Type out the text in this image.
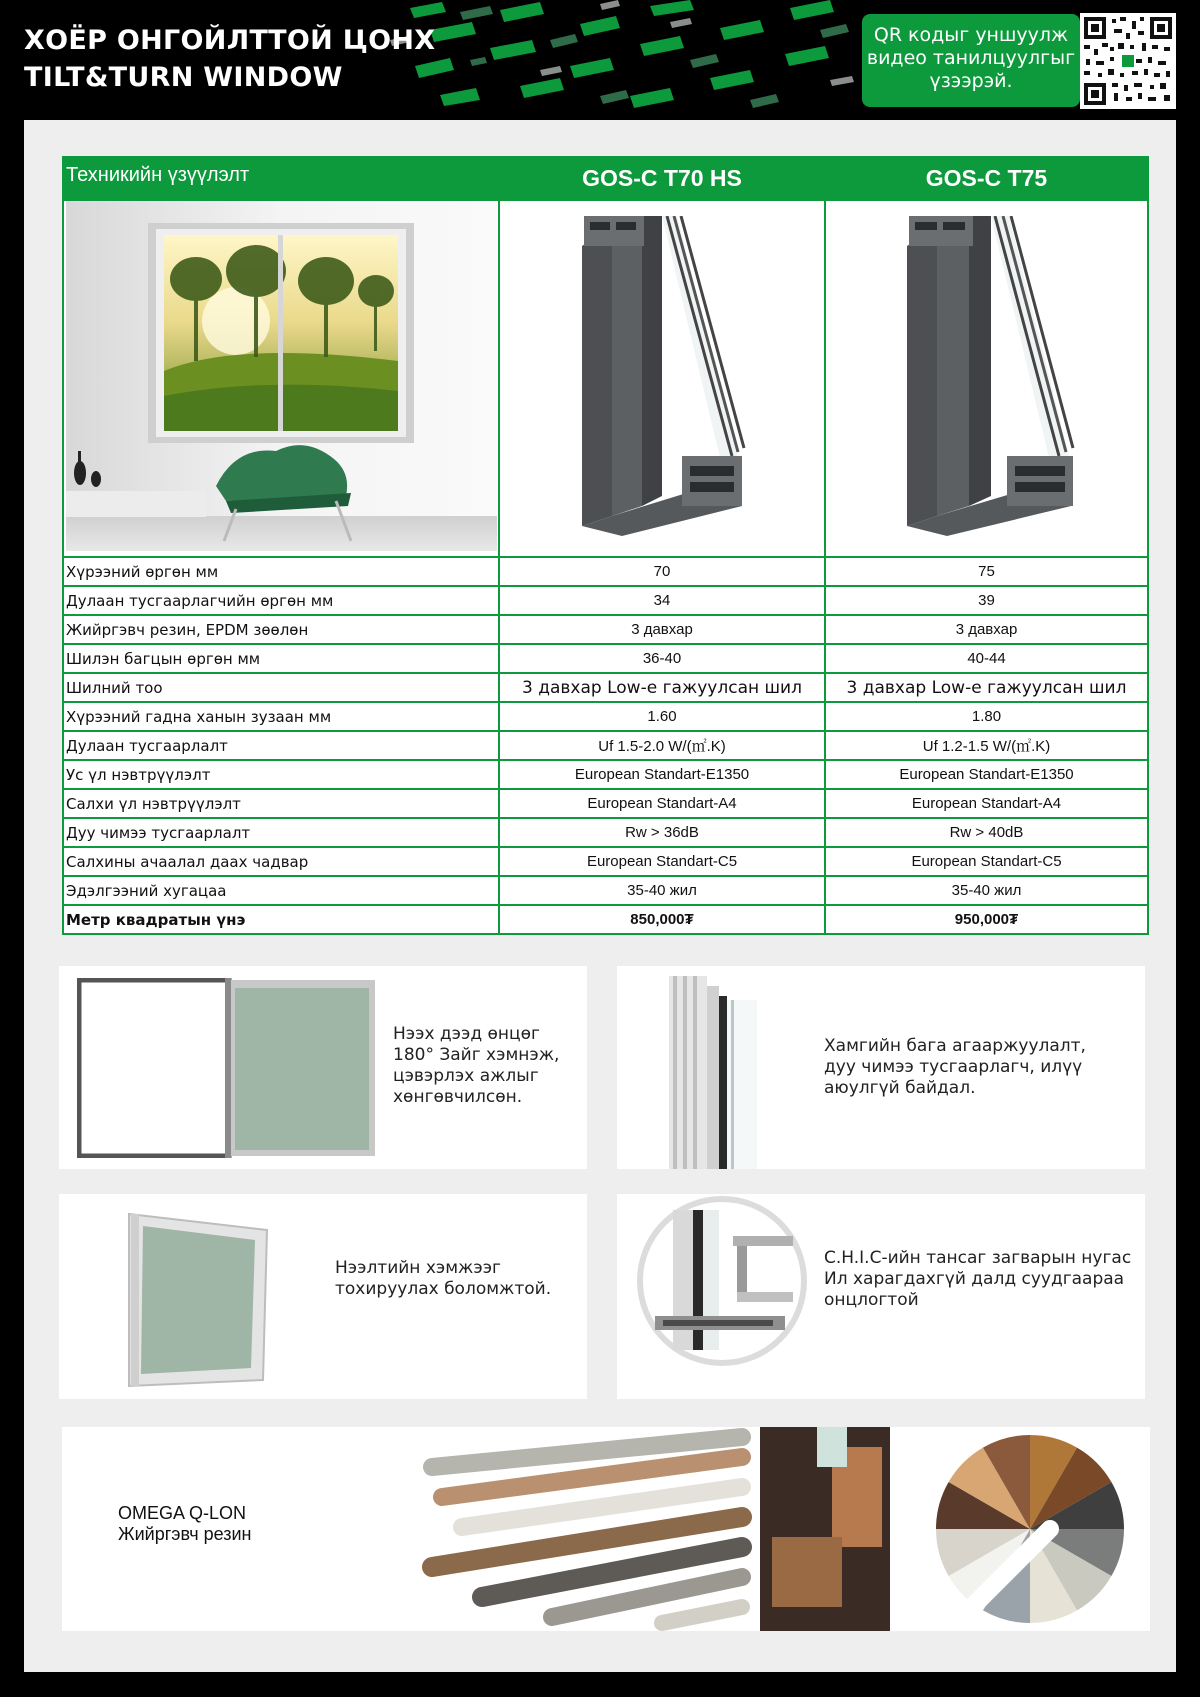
ХОЁР ОНГОЙЛТТОЙ ЦОНХ
TILT&TURN WINDOW
QR кодыг уншуулж видео танилцуулгыг үзээрэй.
Техникийн үзүүлэлт	GOS-C T70 HS	GOS-C T75

Хүрээний өргөн мм	70	75
Дулаан тусгаарлагчийн өргөн мм	34	39
Жийргэвч резин, EPDM зөөлөн	3 давхар	3 давхар
Шилэн багцын өргөн мм	36-40	40-44
Шилний тоо	3 давхар Low-e гажуулсан шил	3 давхар Low-e гажуулсан шил
Хүрээний гадна ханын зузаан мм	1.60	1.80
Дулаан тусгаарлалт	Uf 1.5-2.0 W/(㎡.K)	Uf 1.2-1.5 W/(㎡.K)
Ус үл нэвтрүүлэлт	European Standart-E1350	European Standart-E1350
Салхи үл нэвтрүүлэлт	European Standart-A4	European Standart-A4
Дуу чимээ тусгаарлалт	Rw > 36dB	Rw > 40dB
Салхины ачаалал даах чадвар	European Standart-C5	European Standart-C5
Эдэлгээний хугацаа	35-40 жил	35-40 жил
Метр квадратын үнэ	850,000₮	950,000₮
Нээх дээд өнцөг
180° Зайг хэмнэж,
цэвэрлэх ажлыг
хөнгөвчилсөн.
Хамгийн бага агааржуулалт,
дуу чимээ тусгаарлагч, илүү
аюулгүй байдал.
Нээлтийн хэмжээг
тохируулах боломжтой.
C.H.I.C-ийн тансаг загварын нугас
Ил харагдахгүй далд суудгаараа
онцлогтой
OMEGA Q-LON
Жийргэвч резин
